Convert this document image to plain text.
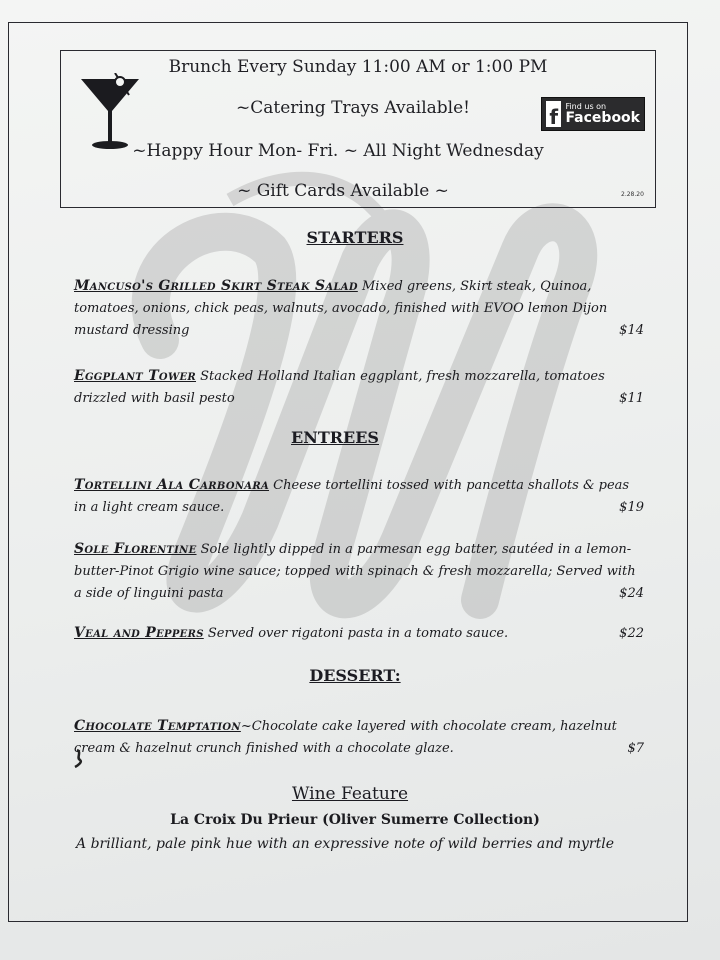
Brunch Every Sunday 11:00 AM or 1:00 PM
~Catering Trays Available!
~Happy Hour Mon- Fri. ~ All Night Wednesday
~ Gift Cards Available ~
f Find us on
Facebook
2.28.20
STARTERS
Mancuso's Grilled Skirt Steak Salad Mixed greens, Skirt steak, Quinoa, tomatoes, onions, chick peas, walnuts, avocado, finished with EVOO lemon Dijon mustard dressing	$14
Eggplant Tower Stacked Holland Italian eggplant, fresh mozzarella, tomatoes drizzled with basil pesto	$11
ENTREES
Tortellini Ala Carbonara Cheese tortellini tossed with pancetta shallots & peas in a light cream sauce.	$19
Sole Florentine Sole lightly dipped in a parmesan egg batter, sautéed in a lemon-butter-Pinot Grigio wine sauce; topped with spinach & fresh mozzarella; Served with a side of linguini pasta	$24
Veal and Peppers Served over rigatoni pasta in a tomato sauce.	$22
DESSERT:
Chocolate Temptation~Chocolate cake layered with chocolate cream, hazelnut cream & hazelnut crunch finished with a chocolate glaze.	$7
Wine Feature
La Croix Du Prieur (Oliver Sumerre Collection)
A brilliant, pale pink hue with an expressive note of wild berries and myrtle
